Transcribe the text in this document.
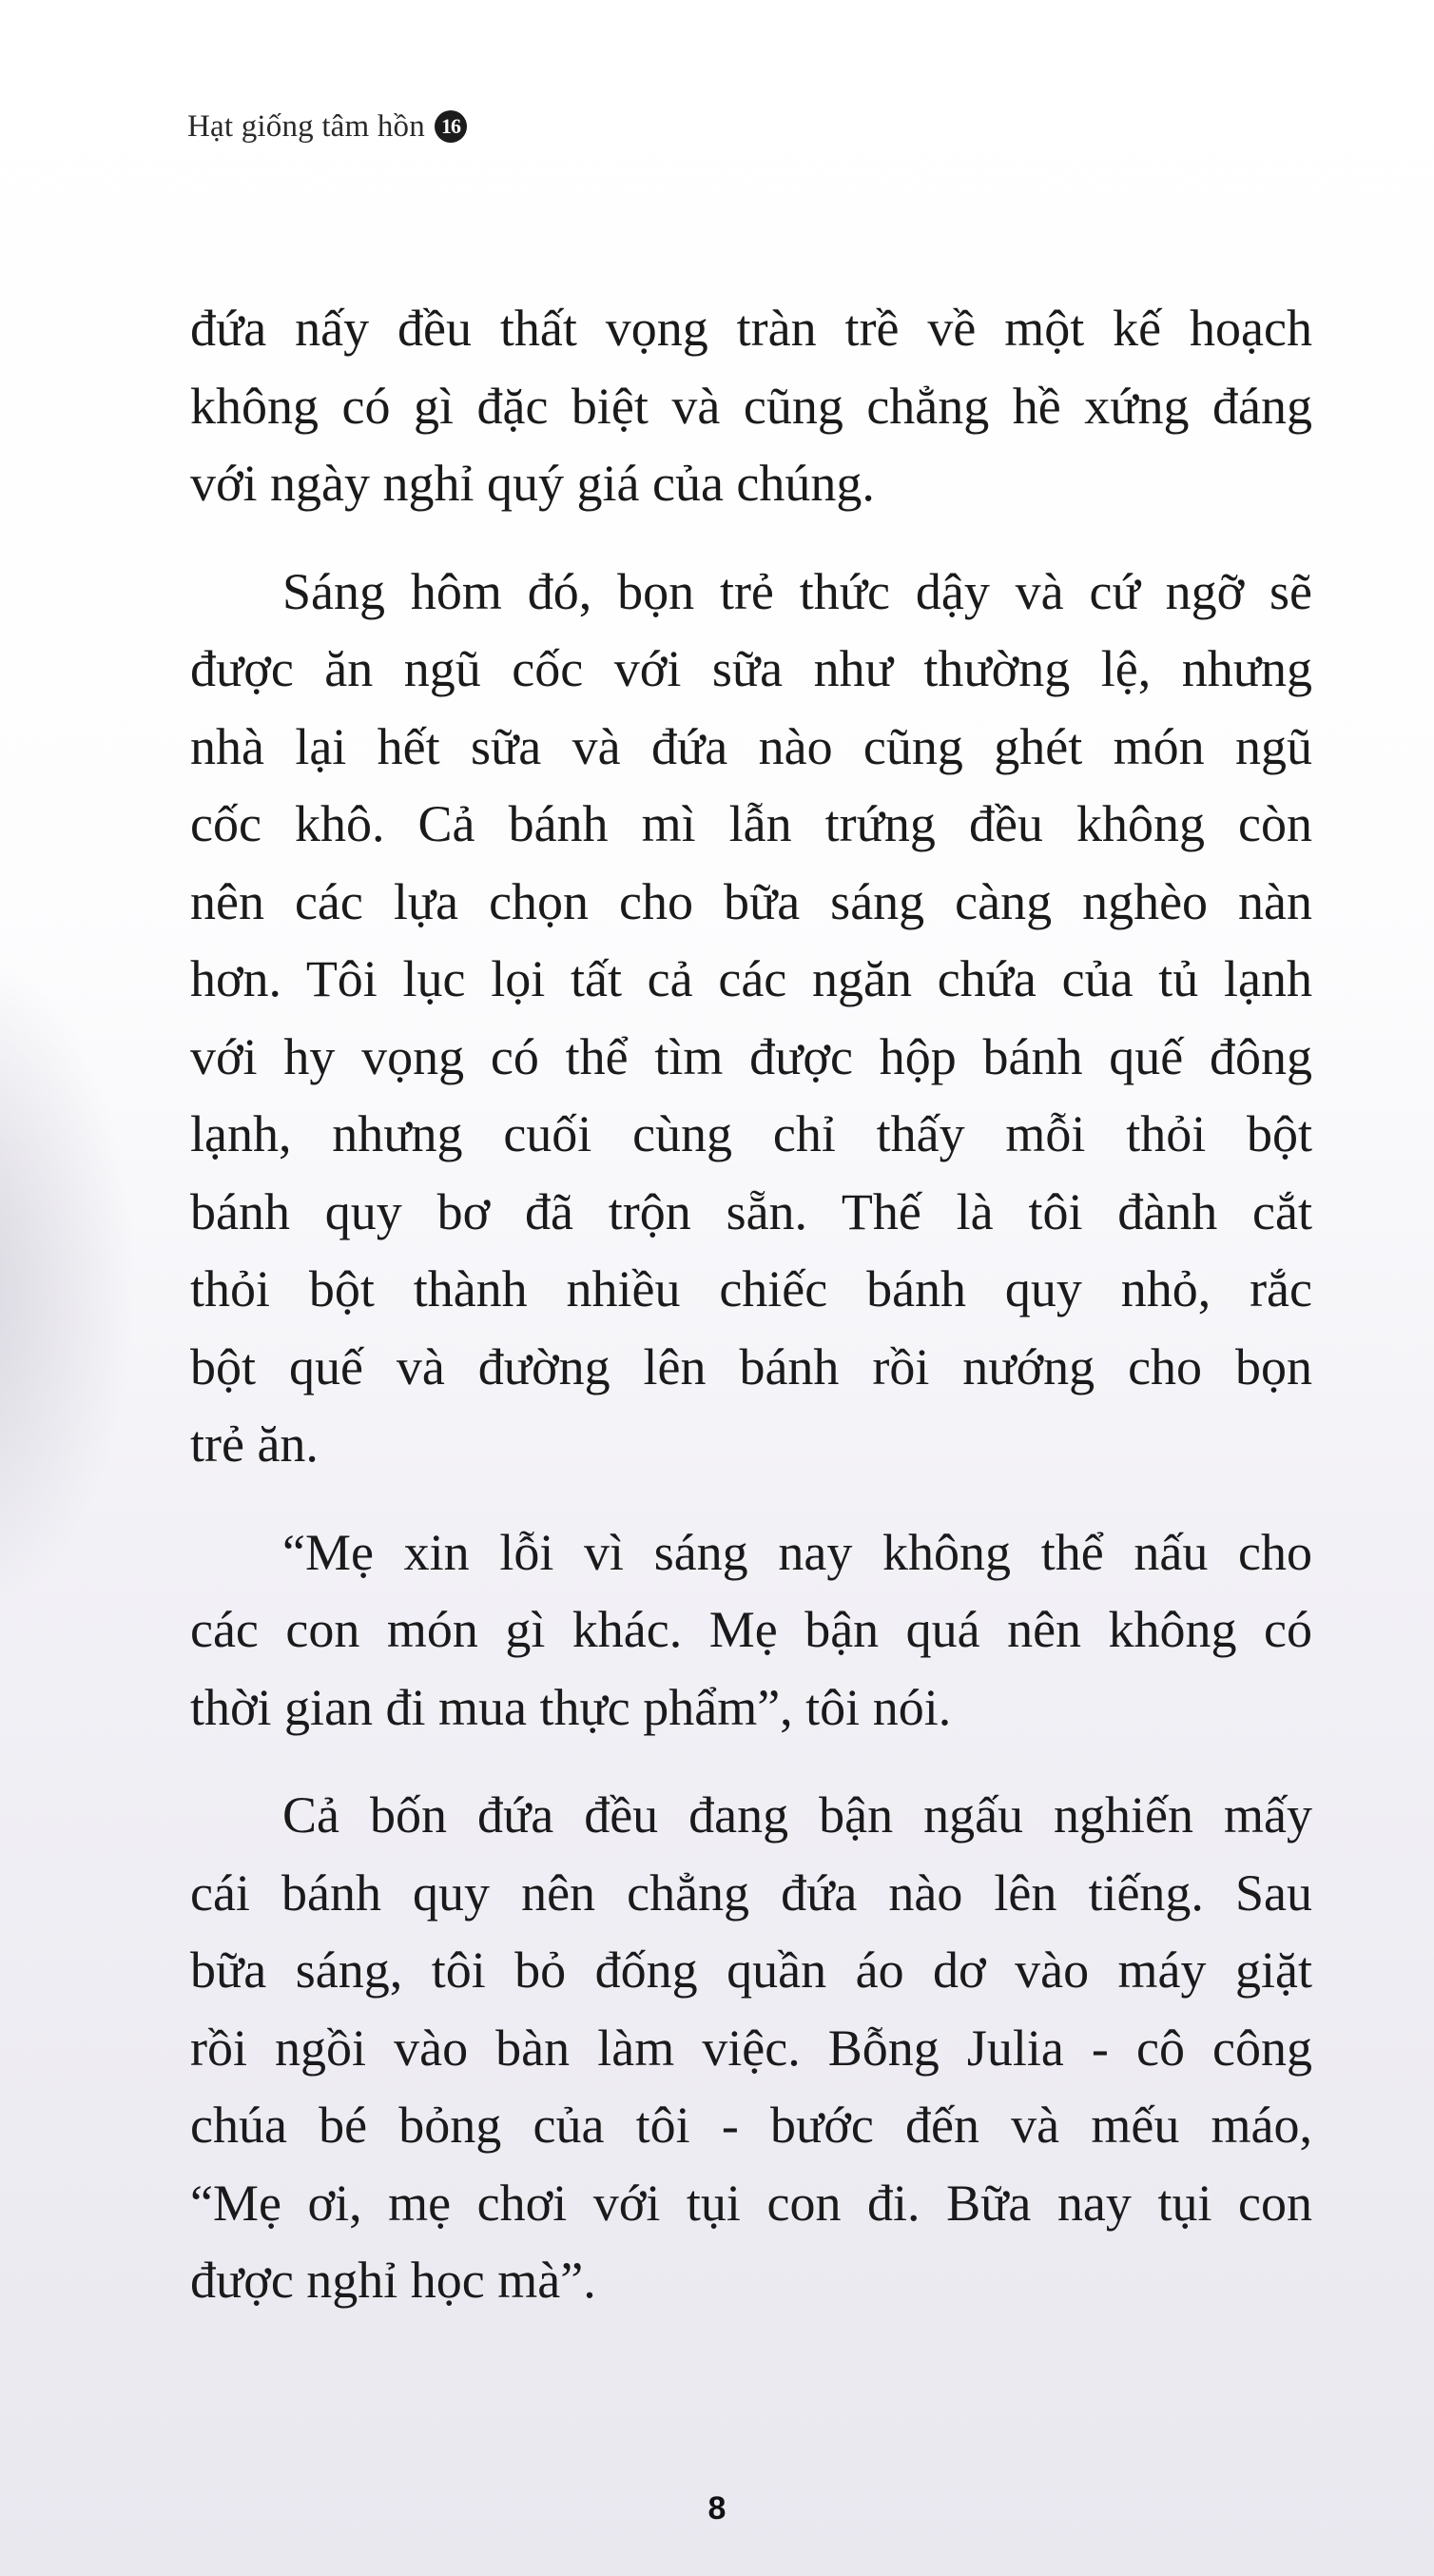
Hạt giống tâm hồn 16

đứa nấy đều thất vọng tràn trề về một kế hoạch
không có gì đặc biệt và cũng chẳng hề xứng đáng
với ngày nghỉ quý giá của chúng.

Sáng hôm đó, bọn trẻ thức dậy và cứ ngỡ sẽ
được ăn ngũ cốc với sữa như thường lệ, nhưng
nhà lại hết sữa và đứa nào cũng ghét món ngũ
cốc khô. Cả bánh mì lẫn trứng đều không còn
nên các lựa chọn cho bữa sáng càng nghèo nàn
hơn. Tôi lục lọi tất cả các ngăn chứa của tủ lạnh
với hy vọng có thể tìm được hộp bánh quế đông
lạnh, nhưng cuối cùng chỉ thấy mỗi thỏi bột
bánh quy bơ đã trộn sẵn. Thế là tôi đành cắt
thỏi bột thành nhiều chiếc bánh quy nhỏ, rắc
bột quế và đường lên bánh rồi nướng cho bọn
trẻ ăn.

“Mẹ xin lỗi vì sáng nay không thể nấu cho
các con món gì khác. Mẹ bận quá nên không có
thời gian đi mua thực phẩm”, tôi nói.

Cả bốn đứa đều đang bận ngấu nghiến mấy
cái bánh quy nên chẳng đứa nào lên tiếng. Sau
bữa sáng, tôi bỏ đống quần áo dơ vào máy giặt
rồi ngồi vào bàn làm việc. Bỗng Julia - cô công
chúa bé bỏng của tôi - bước đến và mếu máo,
“Mẹ ơi, mẹ chơi với tụi con đi. Bữa nay tụi con
được nghỉ học mà”.

8
